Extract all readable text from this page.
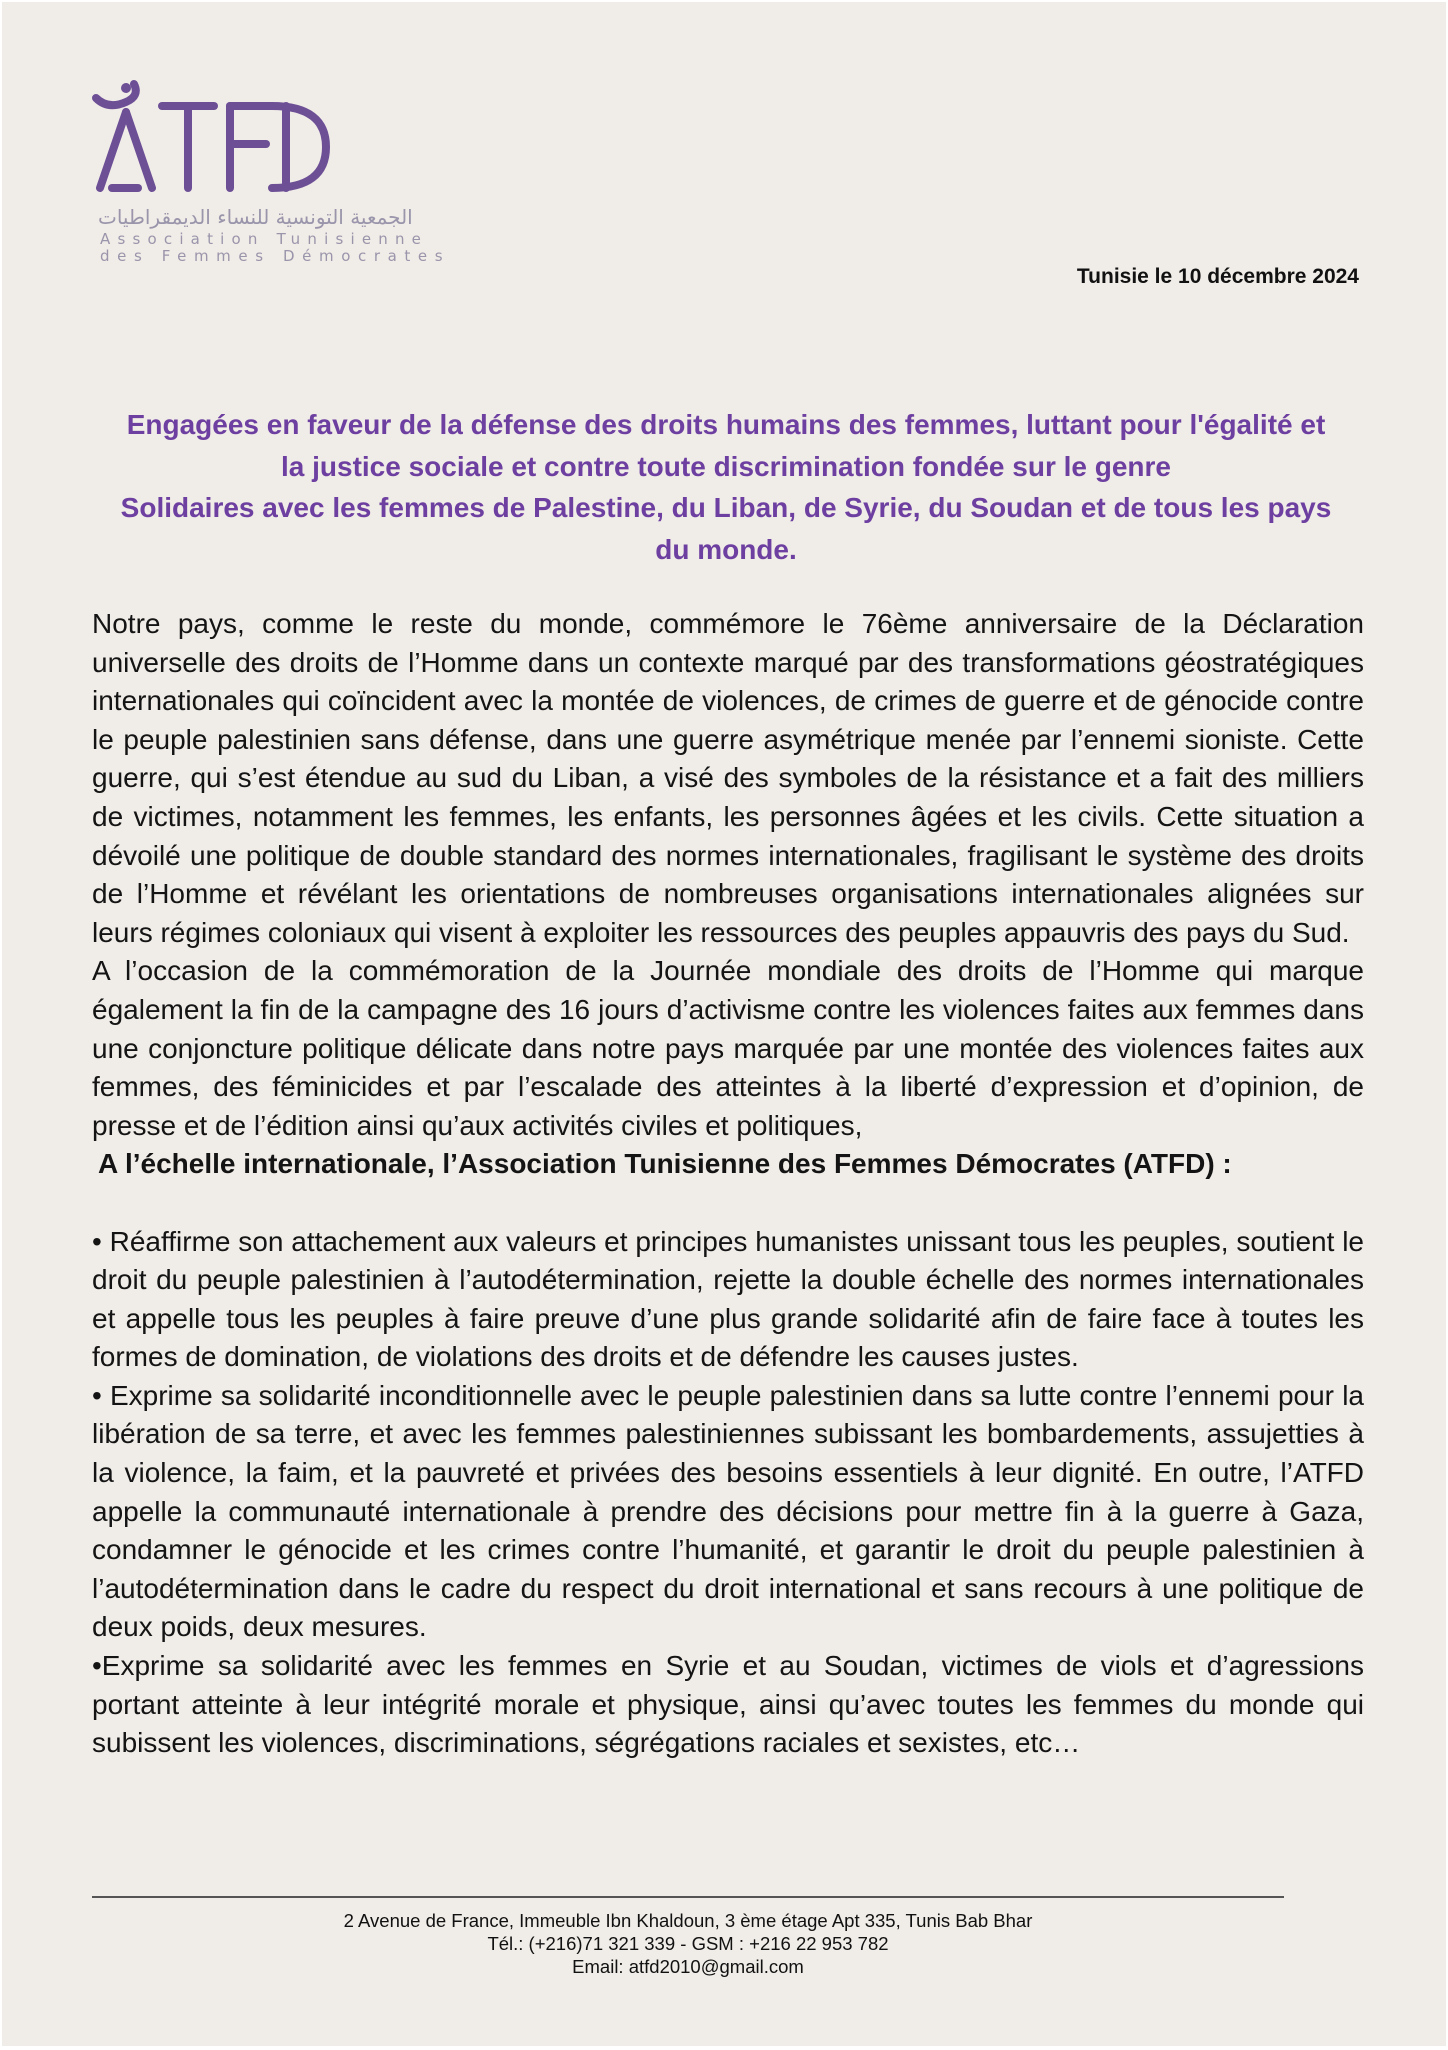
الجمعية التونسية للنساء الديمقراطيات
Association Tunisienne
des Femmes Démocrates
Tunisie le 10 décembre 2024
Engagées en faveur de la défense des droits humains des femmes, luttant pour l'égalité et
la justice sociale et contre toute discrimination fondée sur le genre
Solidaires avec les femmes de Palestine, du Liban, de Syrie, du Soudan et de tous les pays
du monde.

Notre pays, comme le reste du monde, commémore le 76ème anniversaire de la Déclaration universelle des droits de l’Homme dans un contexte marqué par des transformations géostratégiques internationales qui coïncident avec la montée de violences, de crimes de guerre et de génocide contre le peuple palestinien sans défense, dans une guerre asymétrique menée par l’ennemi sioniste. Cette guerre, qui s’est étendue au sud du Liban, a visé des symboles de la résistance et a fait des milliers de victimes, notamment les femmes, les enfants, les personnes âgées et les civils. Cette situation a dévoilé une politique de double standard des normes internationales, fragilisant le système des droits de l’Homme et révélant les orientations de nombreuses organisations internationales alignées sur leurs régimes coloniaux qui visent à exploiter les ressources des peuples appauvris des pays du Sud.

A l’occasion de la commémoration de la Journée mondiale des droits de l’Homme qui marque également la fin de la campagne des 16 jours d’activisme contre les violences faites aux femmes dans une conjoncture politique délicate dans notre pays marquée par une montée des violences faites aux femmes, des féminicides et par l’escalade des atteintes à la liberté d’expression et d’opinion, de presse et de l’édition ainsi qu’aux activités civiles et politiques,

A l’échelle internationale, l’Association Tunisienne des Femmes Démocrates (ATFD) :

• Réaffirme son attachement aux valeurs et principes humanistes unissant tous les peuples, soutient le droit du peuple palestinien à l’autodétermination, rejette la double échelle des normes internationales et appelle tous les peuples à faire preuve d’une plus grande solidarité afin de faire face à toutes les formes de domination, de violations des droits et de défendre les causes justes.

• Exprime sa solidarité inconditionnelle avec le peuple palestinien dans sa lutte contre l’ennemi pour la libération de sa terre, et avec les femmes palestiniennes subissant les bombardements, assujetties à la violence, la faim, et la pauvreté et privées des besoins essentiels à leur dignité. En outre, l’ATFD appelle la communauté internationale à prendre des décisions pour mettre fin à la guerre à Gaza, condamner le génocide et les crimes contre l’humanité, et garantir le droit du peuple palestinien à l’autodétermination dans le cadre du respect du droit international et sans recours à une politique de deux poids, deux mesures.

•Exprime sa solidarité avec les femmes en Syrie et au Soudan, victimes de viols et d’agressions portant atteinte à leur intégrité morale et physique, ainsi qu’avec toutes les femmes du monde qui subissent les violences, discriminations, ségrégations raciales et sexistes, etc…

2 Avenue de France, Immeuble Ibn Khaldoun, 3 ème étage Apt 335, Tunis Bab Bhar
Tél.: (+216)71 321 339 - GSM : +216 22 953 782
Email: atfd2010@gmail.com
